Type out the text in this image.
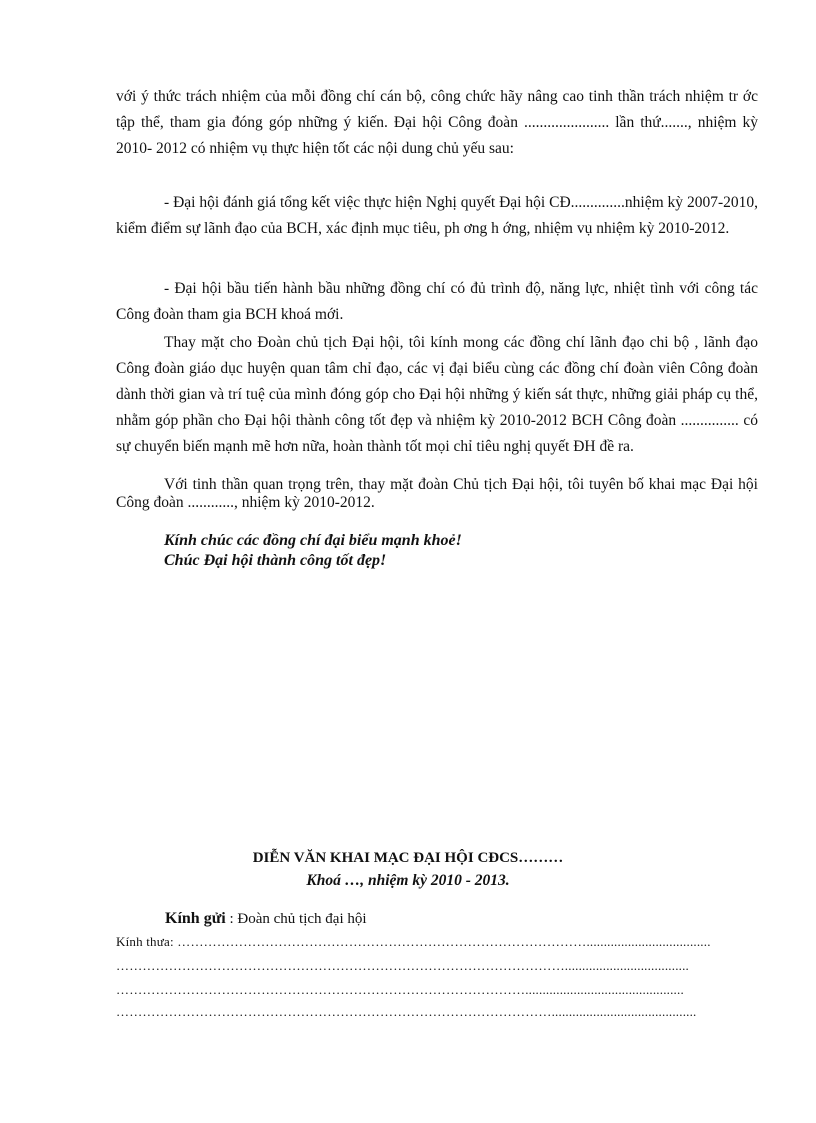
với ý thức trách nhiệm của mỗi đồng chí cán bộ, công chức hãy nâng cao tinh thần trách nhiệm tr ớc tập thể, tham gia đóng góp những ý kiến. Đại hội Công đoàn ...................... lần thứ......., nhiệm kỳ 2010- 2012 có nhiệm vụ thực hiện tốt các nội dung chủ yếu sau:

- Đại hội đánh giá tổng kết việc thực hiện Nghị quyết Đại hội CĐ..............nhiệm kỳ 2007-2010, kiểm điểm sự lãnh đạo của BCH, xác định mục tiêu, ph ơng h ớng, nhiệm vụ nhiệm kỳ 2010-2012.

- Đại hội bầu tiến hành bầu những đồng chí có đủ trình độ, năng lực, nhiệt tình với công tác Công đoàn tham gia BCH khoá mới.

Thay mặt cho Đoàn chủ tịch Đại hội, tôi kính mong các đồng chí lãnh đạo chi bộ , lãnh đạo Công đoàn giáo dục huyện quan tâm chỉ đạo, các vị đại biểu cùng các đồng chí đoàn viên Công đoàn dành thời gian và trí tuệ của mình đóng góp cho Đại hội những ý kiến sát thực, những giải pháp cụ thể, nhằm góp phần cho Đại hội thành công tốt đẹp và nhiệm kỳ 2010-2012 BCH Công đoàn ............... có sự chuyển biến mạnh mẽ hơn nữa, hoàn thành tốt mọi chỉ tiêu nghị quyết ĐH đề ra.

Với tinh thần quan trọng trên, thay mặt đoàn Chủ tịch Đại hội, tôi tuyên bố khai mạc Đại hội Công đoàn ............, nhiệm kỳ 2010-2012.

Kính chúc các đồng chí đại biểu mạnh khoẻ!

Chúc Đại hội thành công tốt đẹp!

DIỄN VĂN KHAI MẠC ĐẠI HỘI CĐCS………

Khoá …, nhiệm kỳ 2010 - 2013.

Kính gửi : Đoàn chủ tịch đại hội

Kính thưa: …………………………………………………………………………………....................................

…………………………………………………………………………………………....................................

…………………………………………………………………………………..............................................

………………………………………………………………………………………..........................................
